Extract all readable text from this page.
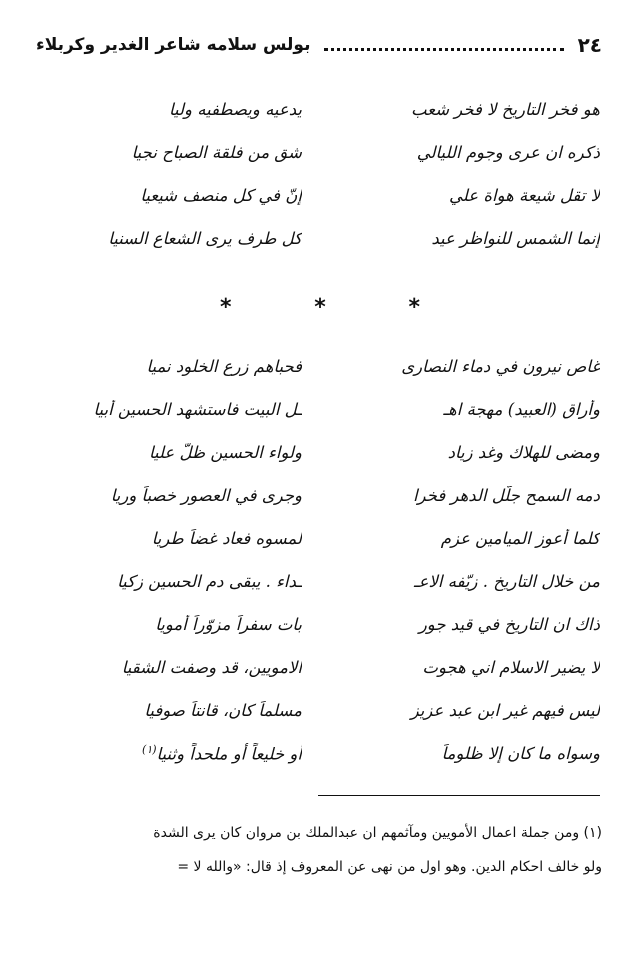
٢٤
بولس سلامه شاعر الغدير وكربلاء
هو فخر التاريخ لا فخر شعب
يدعيه ويصطفيه وليا
ذكره ان عرى وجوم الليالي
شق من فلقة الصباح نجيا
لا تقل شيعة هواة علي
إنّ في كل منصف شيعيا
إنما الشمس للنواظر عيد
كل طرف يرى الشعاع السنيا
*	*	*
غاص نيرون في دماء النصارى
فحباهم زرع الخلود نميا
وأراق (العبيد) مهجة اهـ
ـل البيت فاستشهد الحسين أبيا
ومضى للهلاك وغد زياد
ولواء الحسين ظلّ عليا
دمه السمح جلّل الدهر فخرا
وجرى في العصور خصباً وريا
كلما أعوز الميامين عزم
لمسوه فعاد غضاً طريا
من خلال التاريخ . زيّفه الاعـ
ـداء . يبقى دم الحسين زكيا
ذاك ان التاريخ في قيد جور
بات سفراً مزوّراً أمويا
لا يضير الاسلام اني هجوت
الامويين، قد وصفت الشقيا
ليس فيهم غير ابن عبد عزيز
مسلماً كان، قانتاً صوفيا
وسواه ما كان إلا ظلوماً
أو خليعاً أو ملحداً وثنيا$^{(١)}$
(١) ومن جملة اعمال الأمويين ومآثمهم ان عبدالملك بن مروان كان يرى الشدة
ولو خالف احكام الدين. وهو اول من نهى عن المعروف إذ قال: «والله لا =
